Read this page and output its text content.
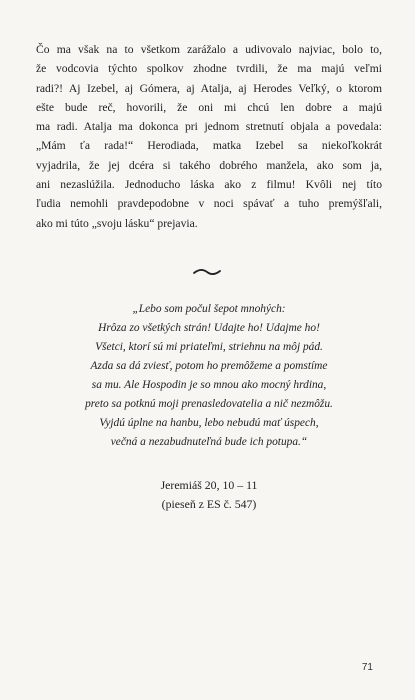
Čo ma však na to všetkom zarážalo a udivovalo najviac, bolo to,
že vodcovia týchto spolkov zhodne tvrdili, že ma majú veľmi
radi?! Aj Izebel, aj Gómera, aj Atalja, aj Herodes Veľký, o ktorom
ešte bude reč, hovorili, že oni mi chcú len dobre a majú
ma radi. Atalja ma dokonca pri jednom stretnutí objala a povedala:
„Mám ťa rada!“ Herodiada, matka Izebel sa niekoľkokrát
vyjadrila, že jej dcéra si takého dobrého manžela, ako som ja,
ani nezaslúžila. Jednoducho láska ako z filmu! Kvôli nej títo
ľudia nemohli pravdepodobne v noci spávať a tuho premýšľali,
ako mi túto „svoju lásku“ prejavia.
„Lebo som počul šepot mnohých:
Hrôza zo všetkých strán! Udajte ho! Udajme ho!
Všetci, ktorí sú mi priateľmi, striehnu na môj pád.
Azda sa dá zviesť, potom ho premôžeme a pomstíme
sa mu. Ale Hospodin je so mnou ako mocný hrdina,
preto sa potknú moji prenasledovatelia a nič nezmôžu.
Vyjdú úplne na hanbu, lebo nebudú mať úspech,
večná a nezabudnuteľná bude ich potupa.“
Jeremiáš 20, 10 – 11
(pieseň z ES č. 547)
71
